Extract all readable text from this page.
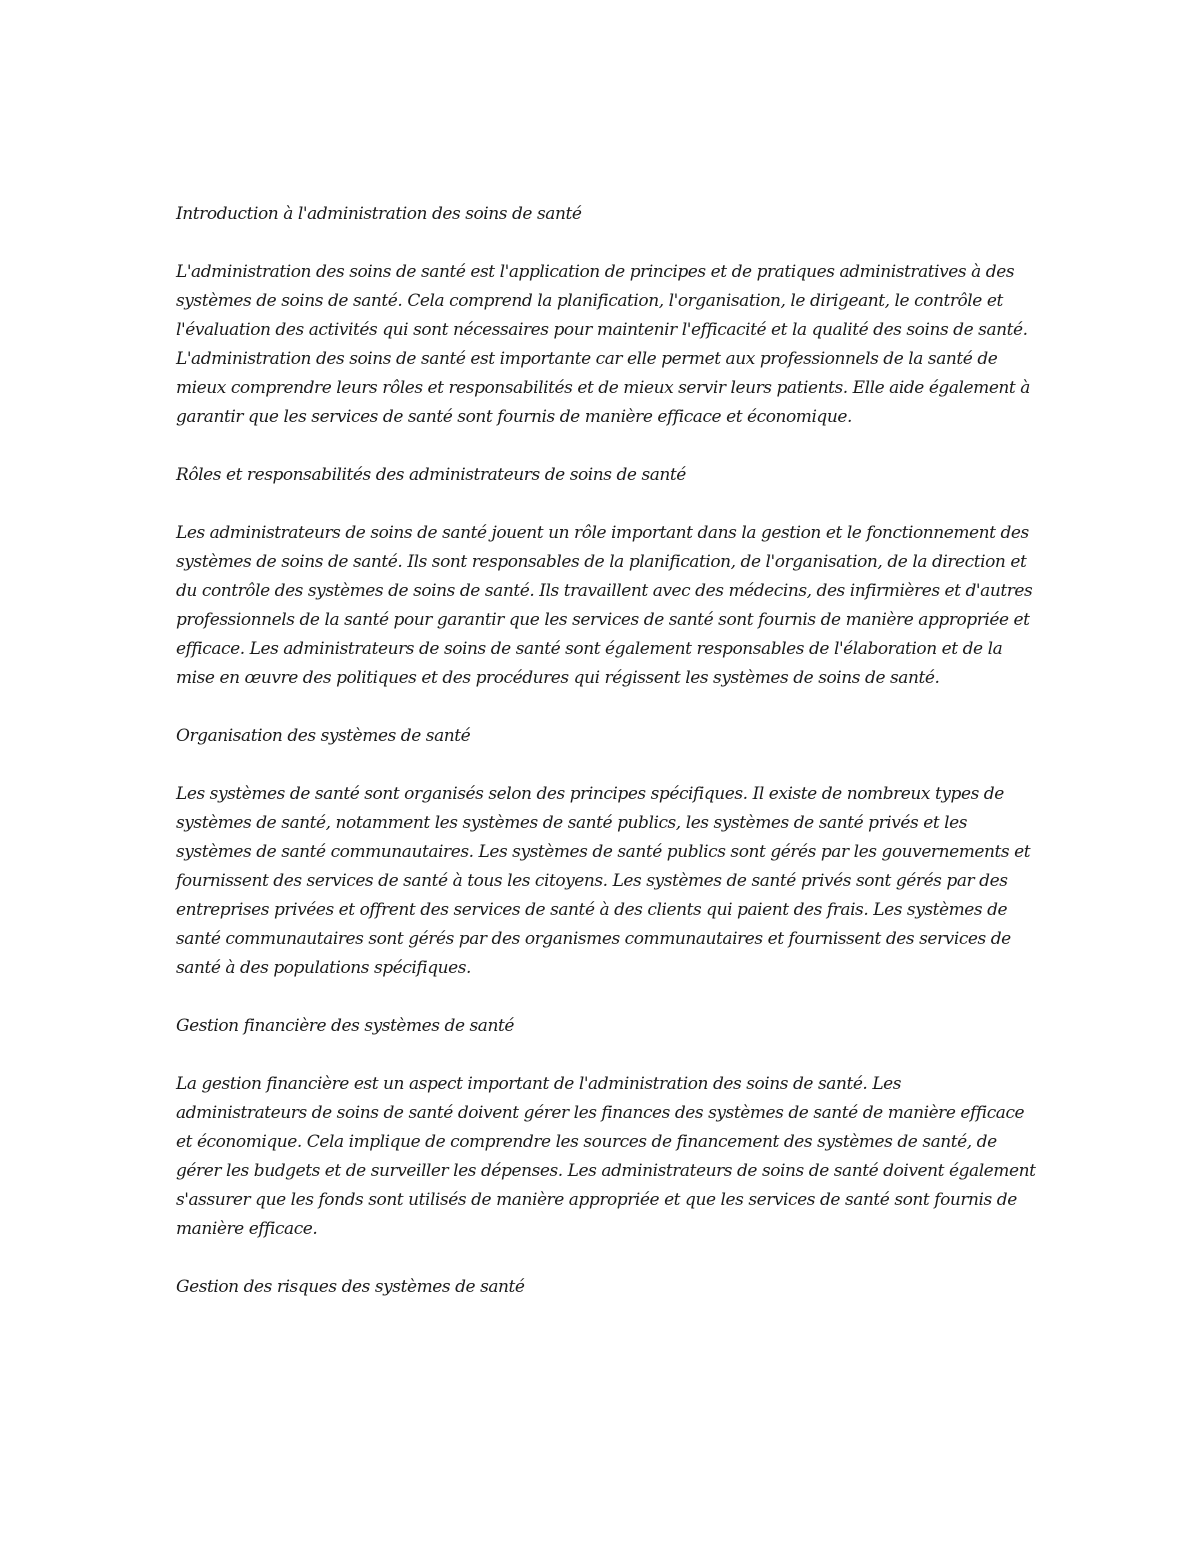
Introduction à l'administration des soins de santé
L'administration des soins de santé est l'application de principes et de pratiques administratives à des systèmes de soins de santé. Cela comprend la planification, l'organisation, le dirigeant, le contrôle et l'évaluation des activités qui sont nécessaires pour maintenir l'efficacité et la qualité des soins de santé. L'administration des soins de santé est importante car elle permet aux professionnels de la santé de mieux comprendre leurs rôles et responsabilités et de mieux servir leurs patients. Elle aide également à garantir que les services de santé sont fournis de manière efficace et économique.
Rôles et responsabilités des administrateurs de soins de santé
Les administrateurs de soins de santé jouent un rôle important dans la gestion et le fonctionnement des systèmes de soins de santé. Ils sont responsables de la planification, de l'organisation, de la direction et du contrôle des systèmes de soins de santé. Ils travaillent avec des médecins, des infirmières et d'autres professionnels de la santé pour garantir que les services de santé sont fournis de manière appropriée et efficace. Les administrateurs de soins de santé sont également responsables de l'élaboration et de la mise en œuvre des politiques et des procédures qui régissent les systèmes de soins de santé.
Organisation des systèmes de santé
Les systèmes de santé sont organisés selon des principes spécifiques. Il existe de nombreux types de systèmes de santé, notamment les systèmes de santé publics, les systèmes de santé privés et les systèmes de santé communautaires. Les systèmes de santé publics sont gérés par les gouvernements et fournissent des services de santé à tous les citoyens. Les systèmes de santé privés sont gérés par des entreprises privées et offrent des services de santé à des clients qui paient des frais. Les systèmes de santé communautaires sont gérés par des organismes communautaires et fournissent des services de santé à des populations spécifiques.
Gestion financière des systèmes de santé
La gestion financière est un aspect important de l'administration des soins de santé. Les administrateurs de soins de santé doivent gérer les finances des systèmes de santé de manière efficace et économique. Cela implique de comprendre les sources de financement des systèmes de santé, de gérer les budgets et de surveiller les dépenses. Les administrateurs de soins de santé doivent également s'assurer que les fonds sont utilisés de manière appropriée et que les services de santé sont fournis de manière efficace.
Gestion des risques des systèmes de santé
